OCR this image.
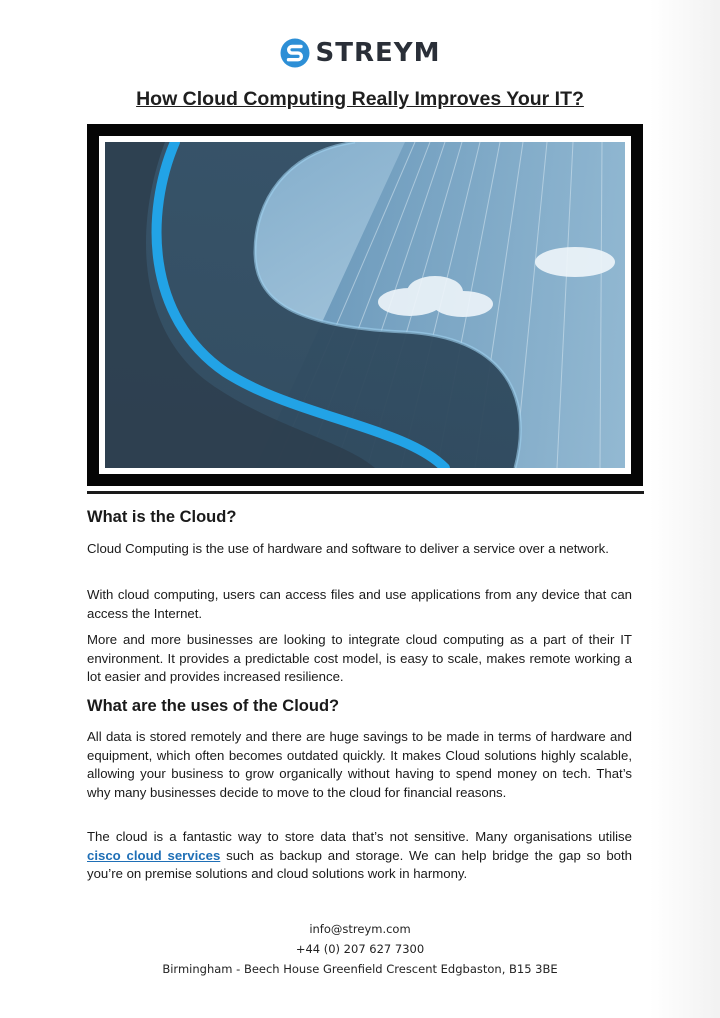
STREYM
How Cloud Computing Really Improves Your IT?
What is the Cloud?
Cloud Computing is the use of hardware and software to deliver a service over a network.
With cloud computing, users can access files and use applications from any device that can access the Internet.
More and more businesses are looking to integrate cloud computing as a part of their IT environment. It provides a predictable cost model, is easy to scale, makes remote working a lot easier and provides increased resilience.
What are the uses of the Cloud?
All data is stored remotely and there are huge savings to be made in terms of hardware and equipment, which often becomes outdated quickly. It makes Cloud solutions highly scalable, allowing your business to grow organically without having to spend money on tech. That’s why many businesses decide to move to the cloud for financial reasons.
The cloud is a fantastic way to store data that’s not sensitive. Many organisations utilise cisco cloud services such as backup and storage. We can help bridge the gap so both you’re on premise solutions and cloud solutions work in harmony.
info@streym.com
+44 (0) 207 627 7300
Birmingham - Beech House Greenfield Crescent Edgbaston, B15 3BE
